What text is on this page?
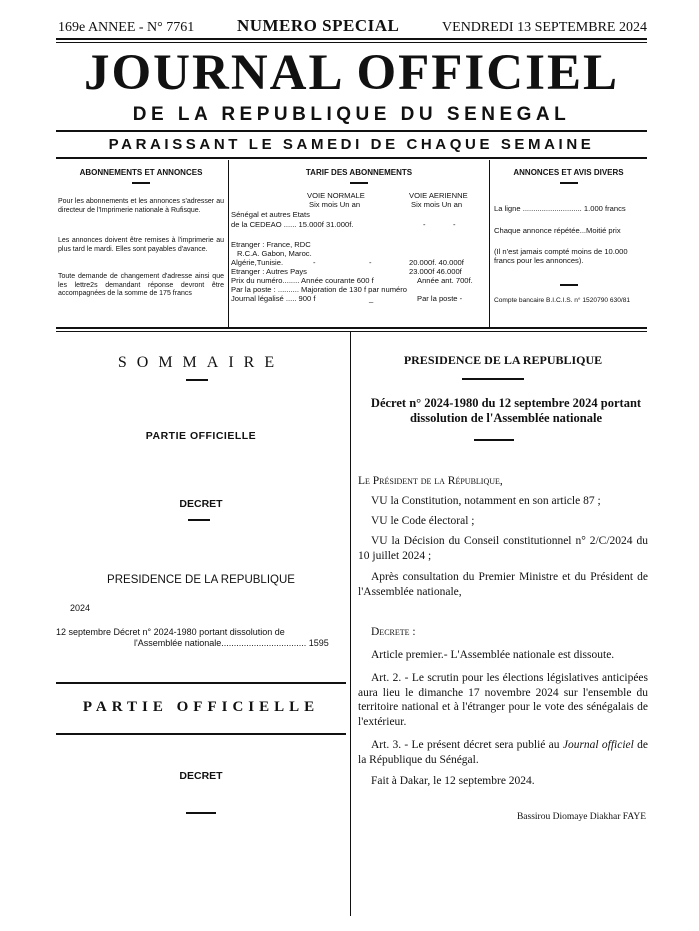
169e ANNEE - N° 7761	NUMERO SPECIAL	VENDREDI 13 SEPTEMBRE 2024
JOURNAL OFFICIEL
DE LA REPUBLIQUE DU SENEGAL
PARAISSANT LE SAMEDI DE CHAQUE SEMAINE
ABONNEMENTS ET ANNONCES
Pour les abonnements et les annonces s'adresser au directeur de l'Imprimerie nationale à Rufisque.
Les annonces doivent être remises à l'imprimerie au plus tard le mardi. Elles sont payables d'avance.
Toute demande de changement d'adresse ainsi que les lettre2s demandant réponse devront être accompagnées de la somme de 175 francs
TARIF DES ABONNEMENTS
VOIE NORMALE	VOIE AERIENNE
Six mois Un an	Six mois Un an
Sénégal et autres Etats
de la CEDEAO ...... 15.000f 31.000f.	-	-
Etranger : France, RDC
R.C.A. Gabon, Maroc.
Algérie,Tunisie.	-	-	20.000f. 40.000f
Etranger : Autres Pays	23.000f 46.000f
Prix du numéro........ Année courante 600 f	Année ant. 700f.
Par la poste : .......... Majoration de 130 f par numéro
Journal légalisé ..... 900 f	_	Par la poste -
ANNONCES ET AVIS DIVERS
La ligne ............................ 1.000 francs
Chaque annonce répétée...Moitié prix
(Il n'est jamais compté moins de 10.000 francs pour les annonces).
Compte bancaire B.I.C.I.S. n° 1520790 630/81
SOMMAIRE
PARTIE OFFICIELLE
DECRET
PRESIDENCE DE LA REPUBLIQUE
2024
12 septembre Décret n° 2024-1980 portant dissolution de
l'Assemblée nationale.................................. 1595
PARTIE OFFICIELLE
DECRET
PRESIDENCE DE LA REPUBLIQUE
Décret n° 2024-1980 du 12 septembre 2024 portant dissolution de l'Assemblée nationale
Le Président de la République,
VU la Constitution, notamment en son article 87 ;
VU le Code électoral ;
VU la Décision du Conseil constitutionnel n° 2/C/2024 du 10 juillet 2024 ;
Après consultation du Premier Ministre et du Président de l'Assemblée nationale,
Decrete :
Article premier.- L'Assemblée nationale est dissoute.
Art. 2. - Le scrutin pour les élections législatives anticipées aura lieu le dimanche 17 novembre 2024 sur l'ensemble du territoire national et à l'étranger pour le vote des sénégalais de l'extérieur.
Art. 3. - Le présent décret sera publié au Journal officiel de la République du Sénégal.
Fait à Dakar, le 12 septembre 2024.
Bassirou Diomaye Diakhar FAYE
